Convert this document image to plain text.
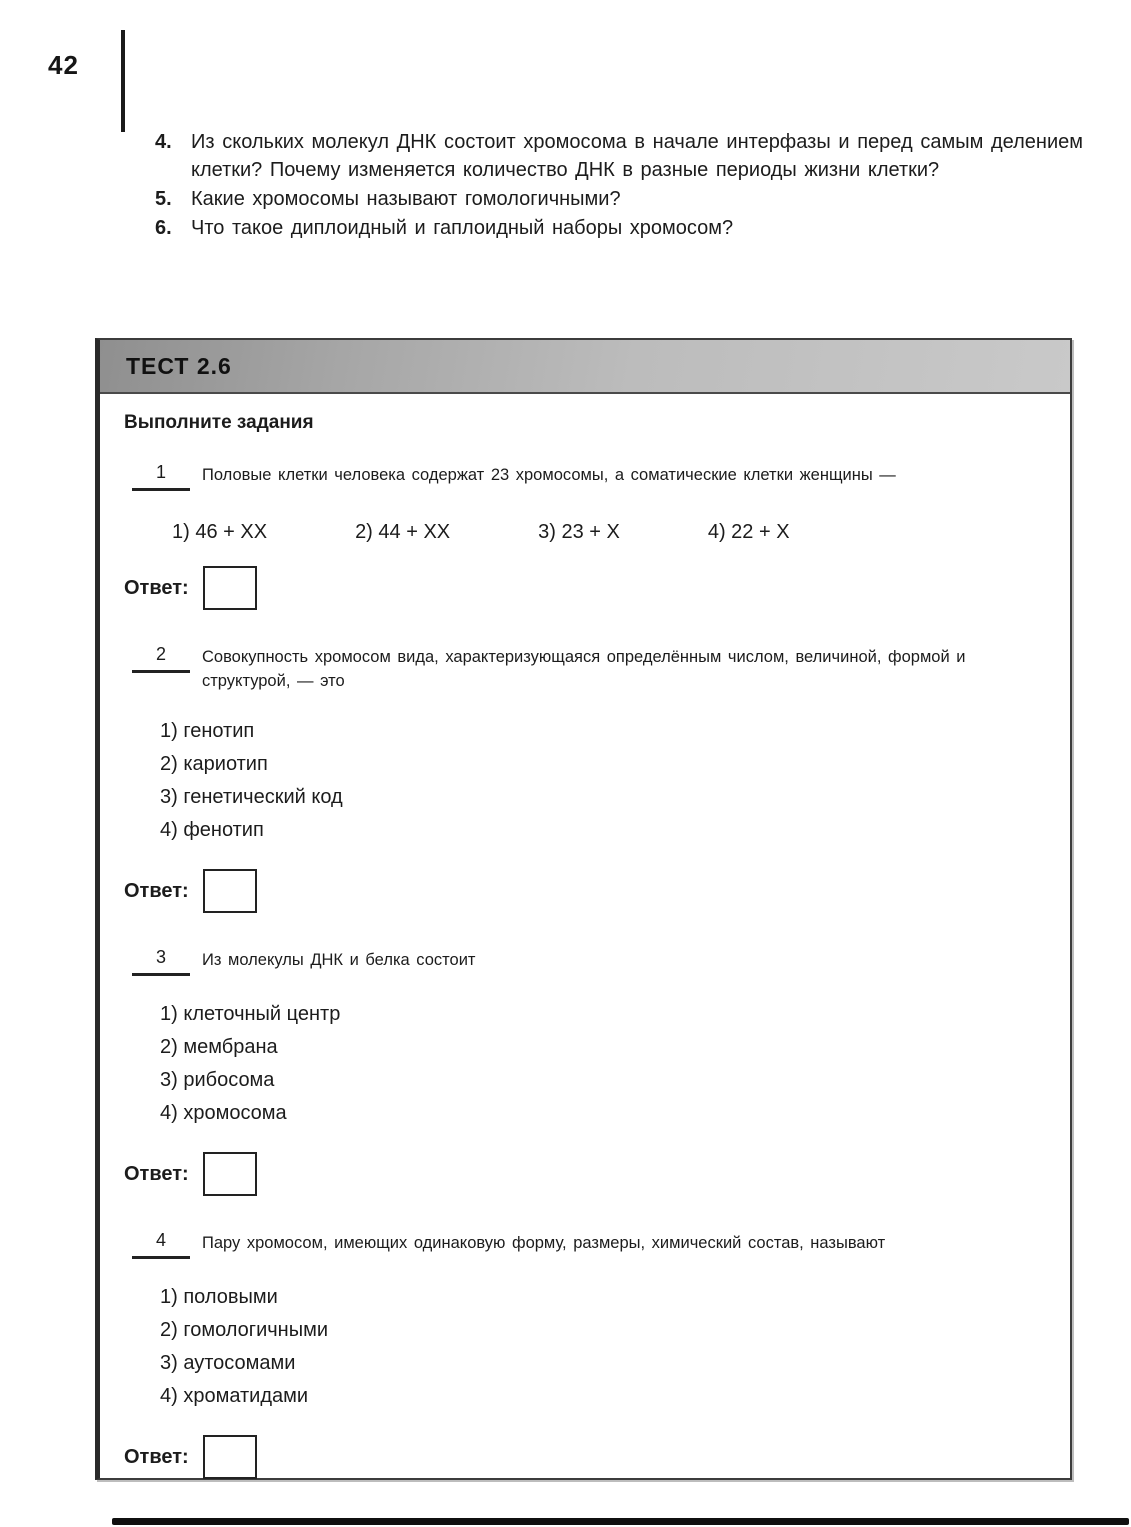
42
4. Из скольких молекул ДНК состоит хромосома в начале интерфазы и перед самым делением клетки? Почему изменяется количество ДНК в разные периоды жизни клетки?
5. Какие хромосомы называют гомологичными?
6. Что такое диплоидный и гаплоидный наборы хромосом?
ТЕСТ 2.6
Выполните задания
1	Половые клетки человека содержат 23 хромосомы, а соматические клетки женщины —
1) 46 + XX	2) 44 + XX	3) 23 + X	4) 22 + X
Ответ:
2	Совокупность хромосом вида, характеризующаяся определённым числом, величиной, формой и структурой, — это
1) генотип
2) кариотип
3) генетический код
4) фенотип
Ответ:
3	Из молекулы ДНК и белка состоит
1) клеточный центр
2) мембрана
3) рибосома
4) хромосома
Ответ:
4	Пару хромосом, имеющих одинаковую форму, размеры, химический состав, называют
1) половыми
2) гомологичными
3) аутосомами
4) хроматидами
Ответ:
